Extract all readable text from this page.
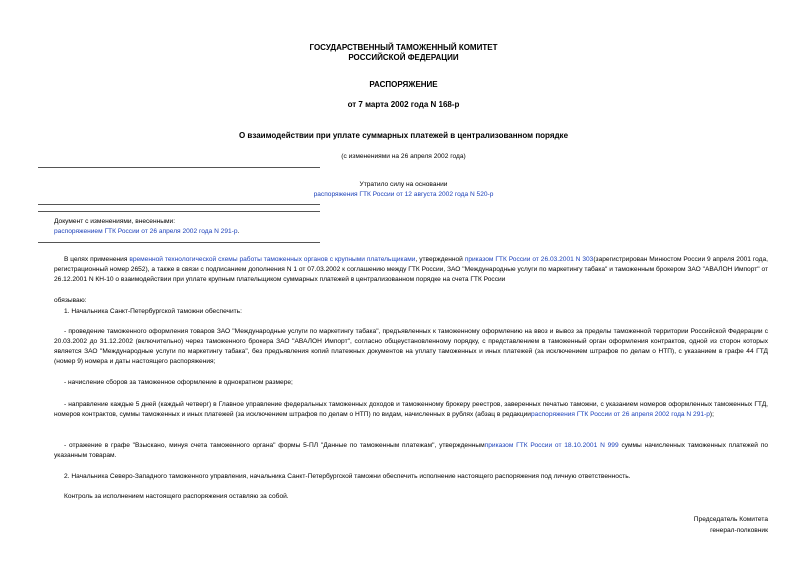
ГОСУДАРСТВЕННЫЙ ТАМОЖЕННЫЙ КОМИТЕТ
РОССИЙСКОЙ ФЕДЕРАЦИИ
РАСПОРЯЖЕНИЕ
от 7 марта 2002 года N 168-р
О взаимодействии при уплате суммарных платежей в централизованном порядке
(с изменениями на 26 апреля 2002 года)
Утратило силу на основании
распоряжения ГТК России от 12 августа 2002 года N 520-р
Документ с изменениями, внесенными:
распоряжением ГТК России от 26 апреля 2002 года N 291-р.
В целях применения временной технологической схемы работы таможенных органов с крупными плательщиками, утвержденной приказом ГТК России от 26.03.2001 N 303(зарегистрирован Минюстом России 9 апреля 2001 года, регистрационный номер 2652), а также в связи с подписанием дополнения N 1 от 07.03.2002 к соглашению между ГТК России, ЗАО "Международные услуги по маркетингу табака" и таможенным брокером ЗАО "АВАЛОН Импорт" от 26.12.2001 N КН-10 о взаимодействии при уплате крупным плательщиком суммарных платежей в централизованном порядке на счета ГТК России
обязываю:
1. Начальника Санкт-Петербургской таможни обеспечить:
- проведение таможенного оформления товаров ЗАО "Международные услуги по маркетингу табака", предъявленных к таможенному оформлению на ввоз и вывоз за пределы таможенной территории Российской Федерации с 20.03.2002 до 31.12.2002 (включительно) через таможенного брокера ЗАО "АВАЛОН Импорт", согласно общеустановленному порядку, с представлением в таможенный орган оформления контрактов, одной из сторон которых является ЗАО "Международные услуги по маркетингу табака", без предъявления копий платежных документов на уплату таможенных и иных платежей (за исключением штрафов по делам о НТП), с указанием в графе 44 ГТД (номер 9) номера и даты настоящего распоряжения;
- начисление сборов за таможенное оформление в однократном размере;
- направление каждые 5 дней (каждый четверг) в Главное управление федеральных таможенных доходов и таможенному брокеру реестров, заверенных печатью таможни, с указанием номеров оформленных таможенных ГТД, номеров контрактов, суммы таможенных и иных платежей (за исключением штрафов по делам о НТП) по видам, начисленных в рублях (абзац в редакциираспоряжения ГТК России от 26 апреля 2002 года N 291-р);
- отражение в графе "Взыскано, минуя счета таможенного органа" формы 5-ПЛ "Данные по таможенным платежам", утвержденнымприказом ГТК России от 18.10.2001 N 999 суммы начисленных таможенных платежей по указанным товарам.
2. Начальника Северо-Западного таможенного управления, начальника Санкт-Петербургской таможни обеспечить исполнение настоящего распоряжения под личную ответственность.
Контроль за исполнением настоящего распоряжения оставляю за собой.
Председатель Комитета
генерал-полковник
